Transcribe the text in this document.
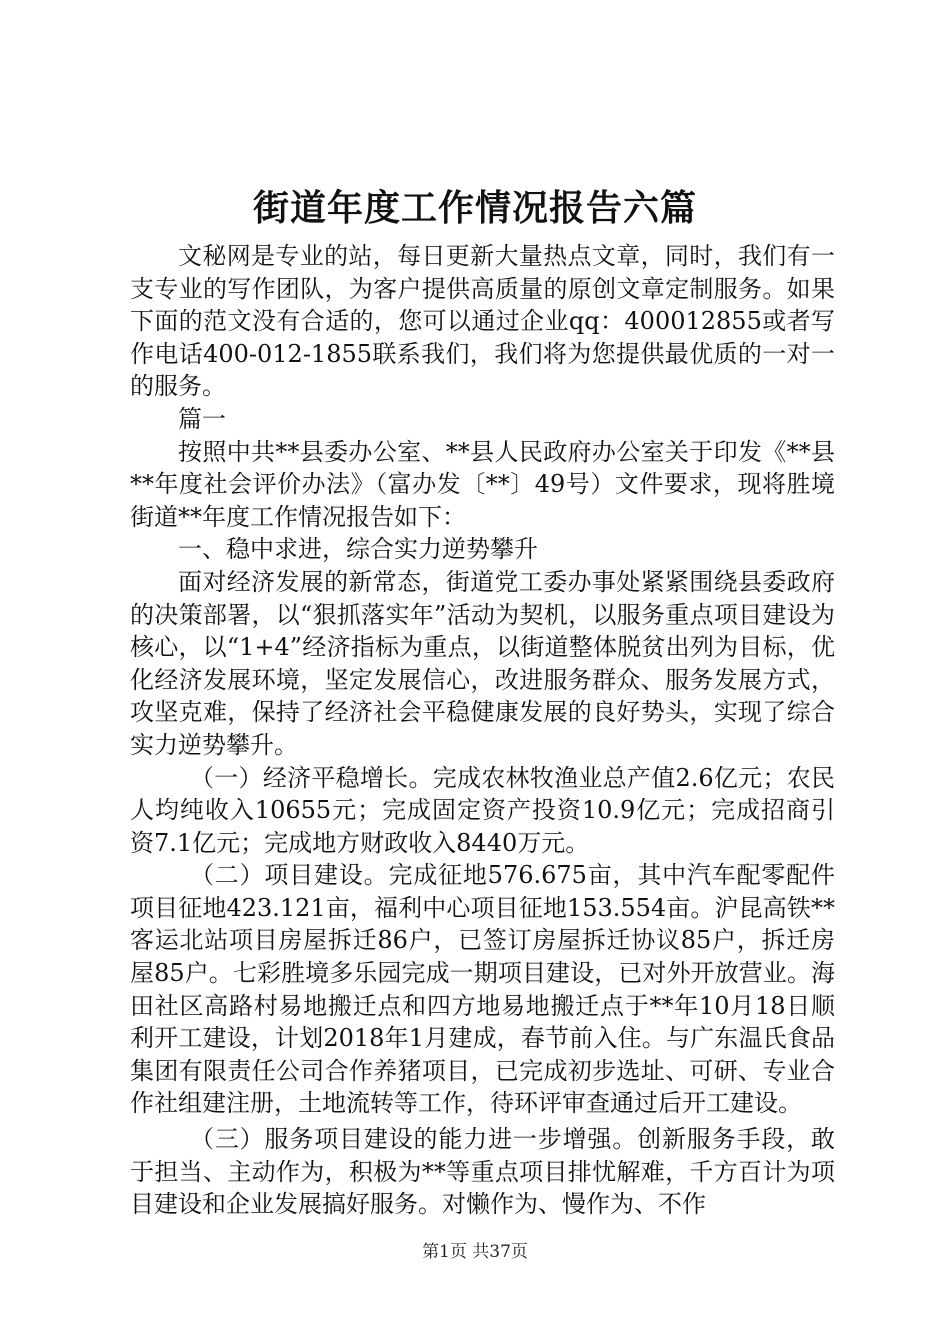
街道年度工作情况报告六篇

文秘网是专业的站，每日更新大量热点文章，同时，我们有一支专业的写作团队，为客户提供高质量的原创文章定制服务。如果下面的范文没有合适的，您可以通过企业qq：400012855或者写作电话400-012-1855联系我们，我们将为您提供最优质的一对一的服务。

篇一

按照中共**县委办公室、**县人民政府办公室关于印发《**县**年度社会评价办法》（富办发〔**〕49号）文件要求，现将胜境街道**年度工作情况报告如下：

一、稳中求进，综合实力逆势攀升

面对经济发展的新常态，街道党工委办事处紧紧围绕县委政府的决策部署，以“狠抓落实年”活动为契机，以服务重点项目建设为核心，以“1+4”经济指标为重点，以街道整体脱贫出列为目标，优化经济发展环境，坚定发展信心，改进服务群众、服务发展方式，攻坚克难，保持了经济社会平稳健康发展的良好势头，实现了综合实力逆势攀升。

（一）经济平稳增长。完成农林牧渔业总产值2.6亿元；农民人均纯收入10655元；完成固定资产投资10.9亿元；完成招商引资7.1亿元；完成地方财政收入8440万元。

（二）项目建设。完成征地576.675亩，其中汽车配零配件项目征地423.121亩，福利中心项目征地153.554亩。沪昆高铁**客运北站项目房屋拆迁86户，已签订房屋拆迁协议85户，拆迁房屋85户。七彩胜境多乐园完成一期项目建设，已对外开放营业。海田社区高路村易地搬迁点和四方地易地搬迁点于**年10月18日顺利开工建设，计划2018年1月建成，春节前入住。与广东温氏食品集团有限责任公司合作养猪项目，已完成初步选址、可研、专业合作社组建注册，土地流转等工作，待环评审查通过后开工建设。

（三）服务项目建设的能力进一步增强。创新服务手段，敢于担当、主动作为，积极为**等重点项目排忧解难，千方百计为项目建设和企业发展搞好服务。对懒作为、慢作为、不作

第1页 共37页
